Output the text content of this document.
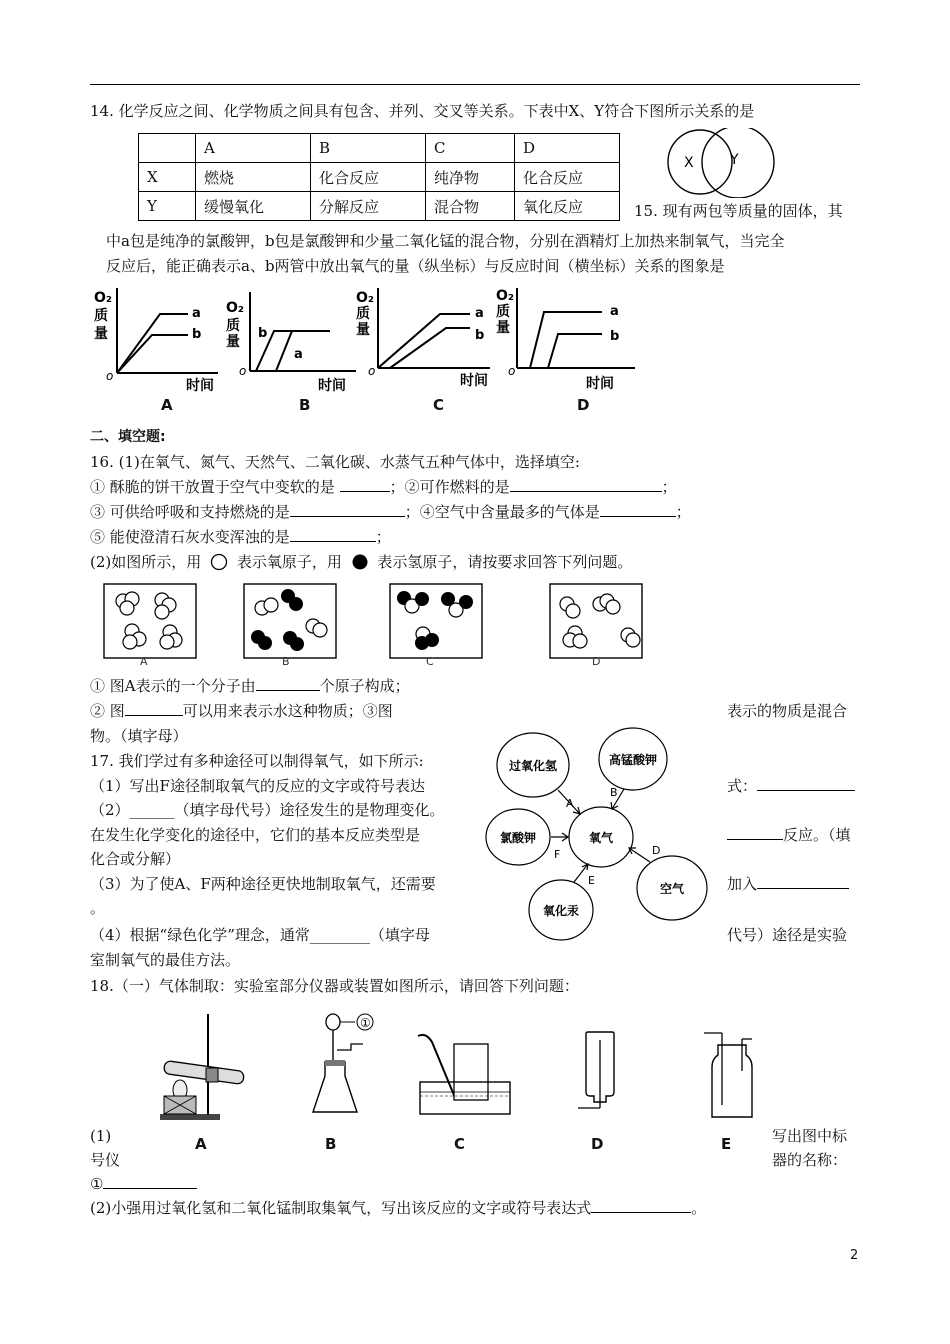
14. 化学反应之间、化学物质之间具有包含、并列、交叉等关系。下表中X、Y符合下图所示关系的是
	A	B	C	D
X	燃烧	化合反应	纯净物	化合反应
Y	缓慢氧化	分解反应	混合物	氧化反应
X	Y
15. 现有两包等质量的固体，其
中a包是纯净的氯酸钾，b包是氯酸钾和少量二氧化锰的混合物，分别在酒精灯上加热来制氧气，当完全
反应后，能正确表示a、b两管中放出氧气的量（纵坐标）与反应时间（横坐标）关系的图象是
O₂
质
量
a
b
时间
o
A
O₂
质
量
b
a
时间
o
B
O₂
质
量
a
b
时间
o
C
O₂
质
量
a
b
时间
o
D
二、填空题:
16. (1)在氧气、氮气、天然气、二氧化碳、水蒸气五种气体中，选择填空:
① 酥脆的饼干放置于空气中变软的是	；②可作燃料的是	；
③ 可供给呼吸和支持燃烧的是	；④空气中含量最多的气体是	；
⑤ 能使澄清石灰水变浑浊的是	；
(2)如图所示，用 表示氧原子，用 表示氢原子，请按要求回答下列问题。
A	B	C	D
① 图A表示的一个分子由	个原子构成；
② 图	可以用来表示水这种物质；③图	表示的物质是混合
物。（填字母）
17. 我们学过有多种途径可以制得氧气，如下所示:
（1）写出F途径制取氧气的反应的文字或符号表达	式：
（2）______（填字母代号）途径发生的是物理变化。
在发生化学变化的途径中，它们的基本反应类型是	反应。（填
化合或分解）
（3）为了使A、F两种途径更快地制取氧气，还需要	加入
。
（4）根据“绿色化学”理念，通常________（填字母	代号）途径是实验
室制氧气的最佳方法。
氧气
过氧化氢	高锰酸钾
氯酸钾
空气
氧化汞
A
B
F	D
E
18.（一）气体制取：实验室部分仪器或装置如图所示，请回答下列问题：
A
①
B	C	D	E
(1)
号仪
写出图中标
器的名称：
①
(2)小强用过氧化氢和二氧化锰制取集氧气，写出该反应的文字或符号表达式	。
2
